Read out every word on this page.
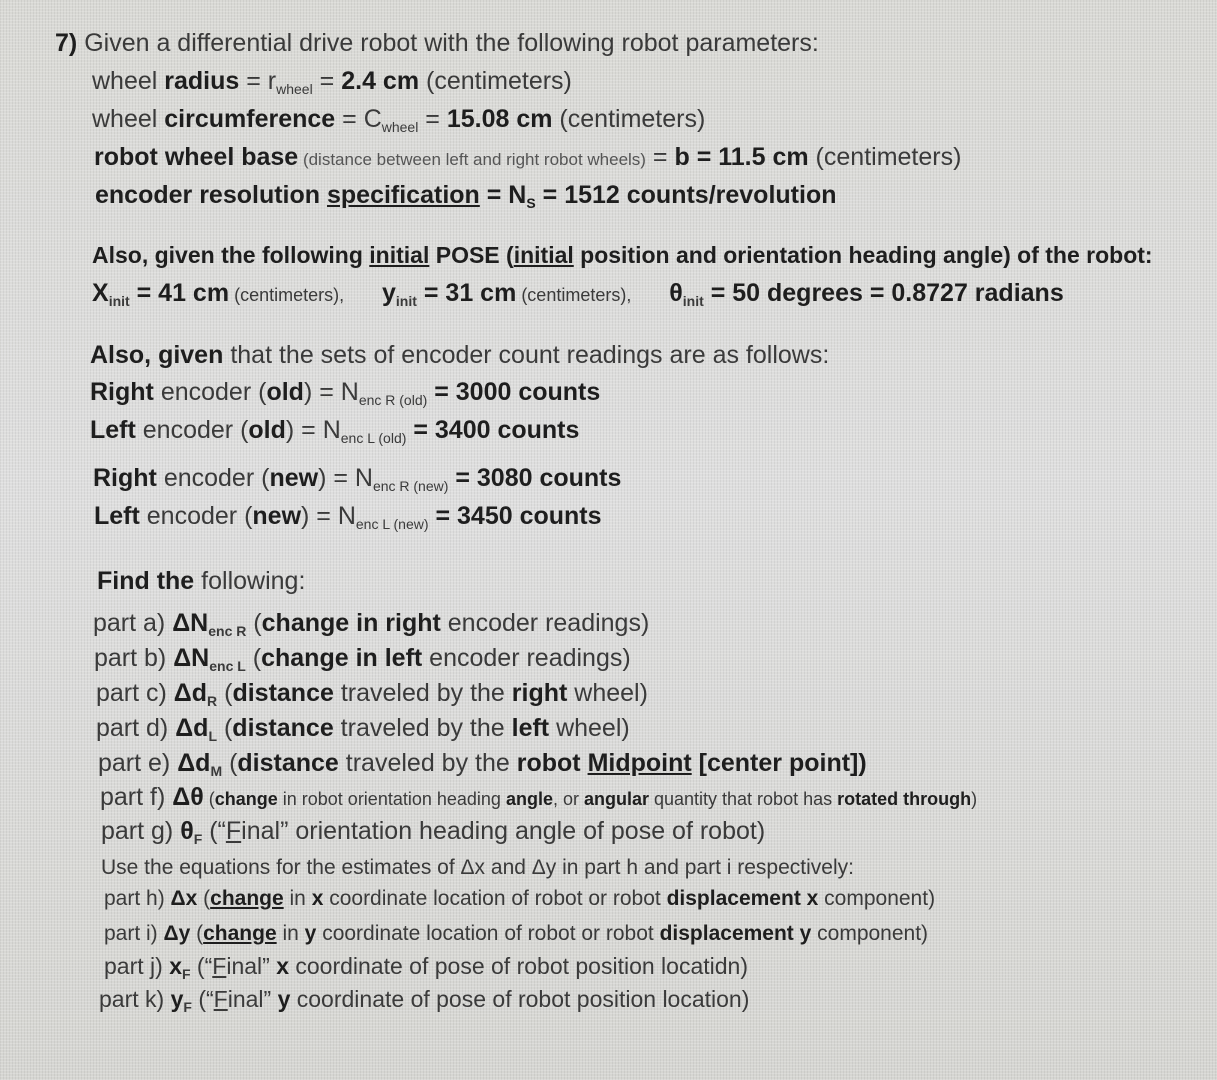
7) Given a differential drive robot with the following robot parameters:
wheel radius = $r_{wheel} = 2.4$ cm (centimeters)
wheel circumference = $C_{wheel} = 15.08$ cm (centimeters)
robot wheel base (distance between left and right robot wheels) = b = 11.5 cm (centimeters)
encoder resolution specification = $N_S = 1512$ counts/revolution
Also, given the following initial POSE (initial position and orientation heading angle) of the robot:
$X_{init} = 41$ cm (centimeters), $y_{init} = 31$ cm (centimeters), $\theta_{init} = 50$ degrees = 0.8727 radians
Also, given that the sets of encoder count readings are as follows:
Right encoder $(old) = N_{enc R (old)} = 3000$ counts
Left encoder $(old) = N_{enc L (old)} = 3400$ counts
Right encoder $(new) = N_{enc R (new)} = 3080$ counts
Left encoder $(new) = N_{enc L (new)} = 3450$ counts
Find the following:
part a) $\Delta N_{enc R}$ (change in right encoder readings)
part b) $\Delta N_{enc L}$ (change in left encoder readings)
part c) $\Delta d_R$ (distance traveled by the right wheel)
part d) $\Delta d_L$ (distance traveled by the left wheel)
part e) $\Delta d_M$ (distance traveled by the robot Midpoint [center point])
part f) Δθ (change in robot orientation heading angle, or angular quantity that robot has rotated through)
part g) $\theta_F$ (“Final” orientation heading angle of pose of robot)
Use the equations for the estimates of Δx and Δy in part h and part i respectively:
part h) Δx (change in x coordinate location of robot or robot displacement x component)
part i) Δy (change in y coordinate location of robot or robot displacement y component)
part j) $x_F$ (“Final” x coordinate of pose of robot position locatidn)
part k) $y_F$ (“Final” y coordinate of pose of robot position location)
